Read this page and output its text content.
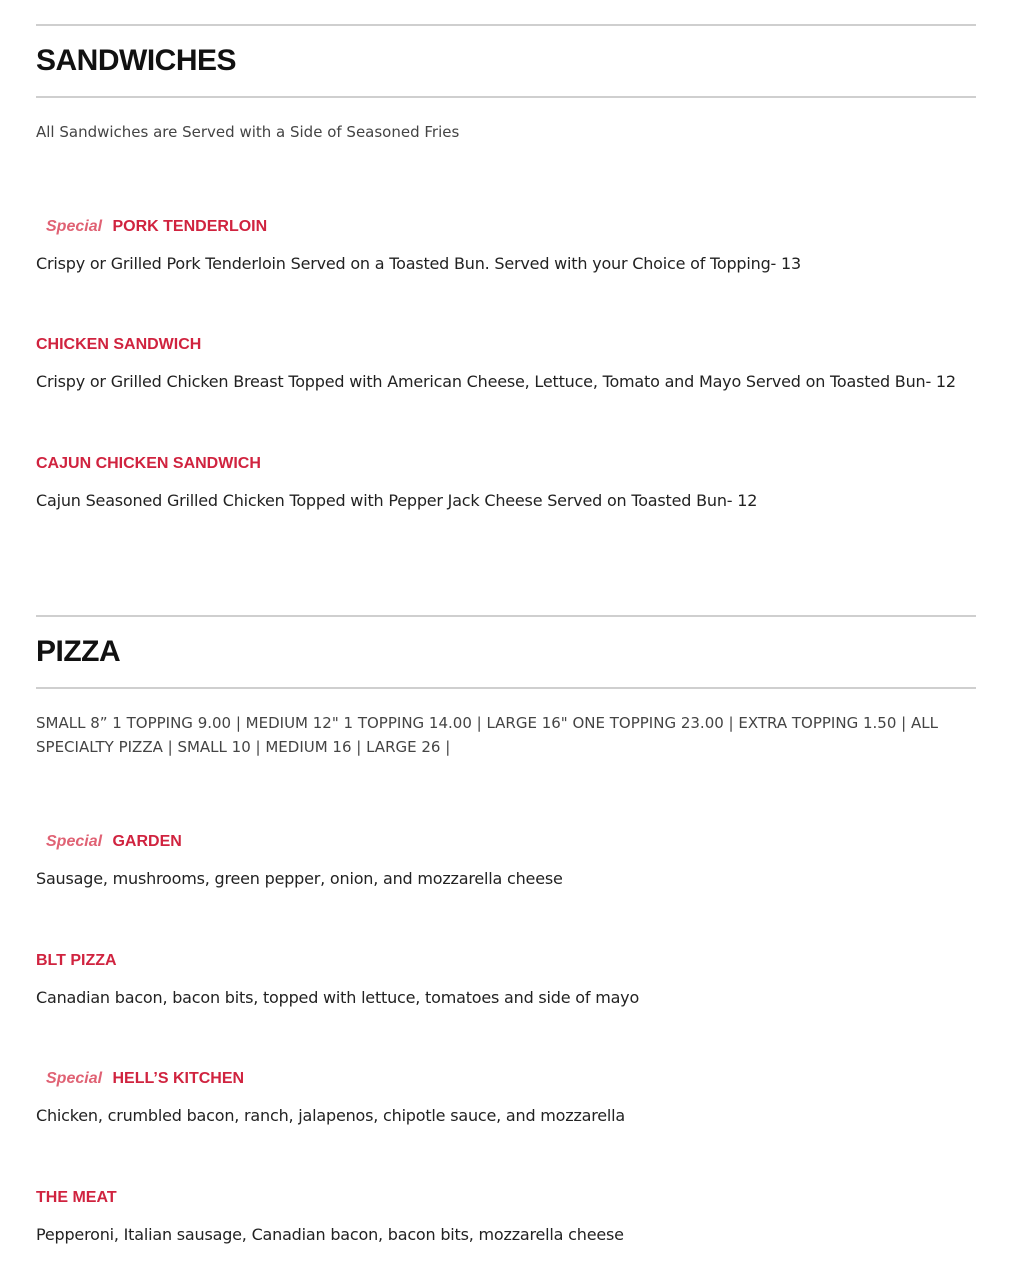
SANDWICHES

All Sandwiches are Served with a Side of Seasoned Fries

Special PORK TENDERLOIN
Crispy or Grilled Pork Tenderloin Served on a Toasted Bun. Served with your Choice of Topping- 13
CHICKEN SANDWICH
Crispy or Grilled Chicken Breast Topped with American Cheese, Lettuce, Tomato and Mayo Served on Toasted Bun- 12
CAJUN CHICKEN SANDWICH
Cajun Seasoned Grilled Chicken Topped with Pepper Jack Cheese Served on Toasted Bun- 12
PIZZA

SMALL 8” 1 TOPPING 9.00 | MEDIUM 12" 1 TOPPING 14.00 | LARGE 16" ONE TOPPING 23.00 | EXTRA TOPPING 1.50 | ALL SPECIALTY PIZZA | SMALL 10 | MEDIUM 16 | LARGE 26 |

Special GARDEN
Sausage, mushrooms, green pepper, onion, and mozzarella cheese
BLT PIZZA
Canadian bacon, bacon bits, topped with lettuce, tomatoes and side of mayo
Special HELL’S KITCHEN
Chicken, crumbled bacon, ranch, jalapenos, chipotle sauce, and mozzarella
THE MEAT
Pepperoni, Italian sausage, Canadian bacon, bacon bits, mozzarella cheese
